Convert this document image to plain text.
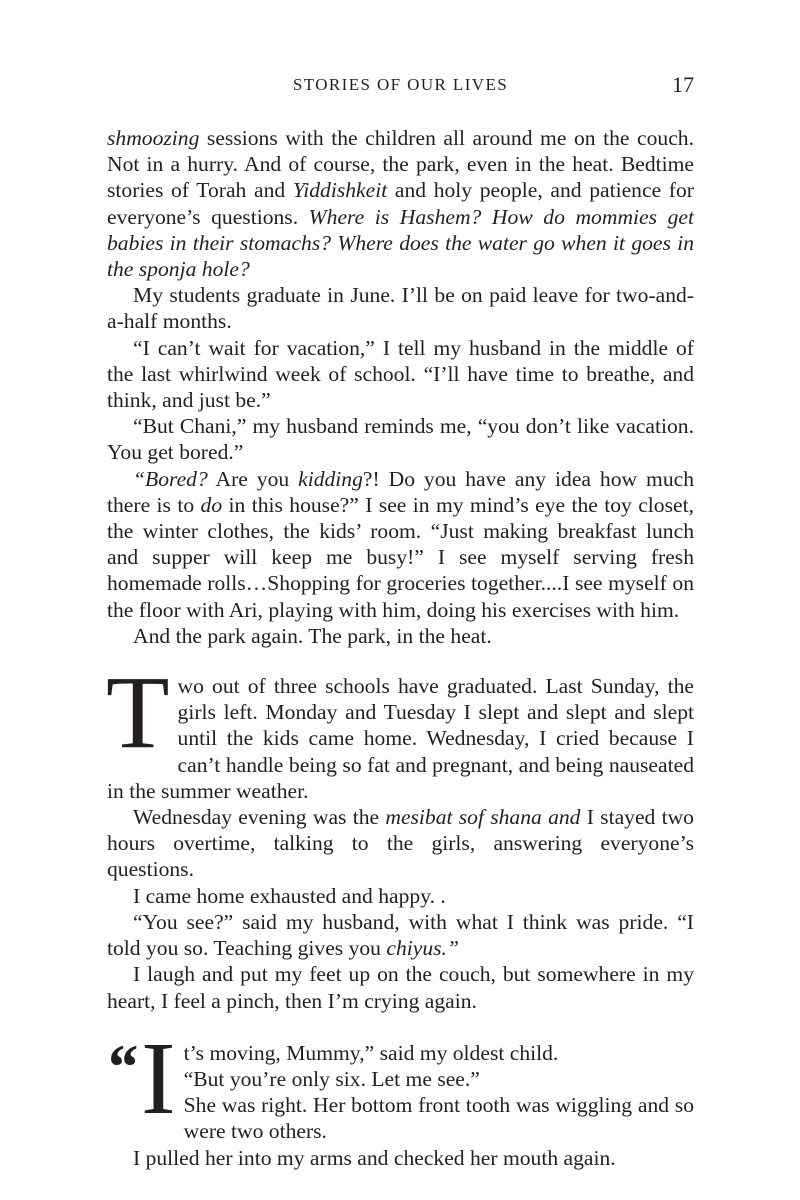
STORIES OF OUR LIVES	17

shmoozing sessions with the children all around me on the couch. Not in a hurry. And of course, the park, even in the heat. Bedtime stories of Torah and Yiddishkeit and holy people, and patience for everyone’s questions. Where is Hashem? How do mommies get babies in their stomachs? Where does the water go when it goes in the sponja hole?

My students graduate in June. I’ll be on paid leave for two-and-a-half months.

“I can’t wait for vacation,” I tell my husband in the middle of the last whirlwind week of school. “I’ll have time to breathe, and think, and just be.”

“But Chani,” my husband reminds me, “you don’t like vacation. You get bored.”

“Bored? Are you kidding?! Do you have any idea how much there is to do in this house?” I see in my mind’s eye the toy closet, the winter clothes, the kids’ room. “Just making breakfast lunch and supper will keep me busy!” I see myself serving fresh homemade rolls…Shopping for groceries together....I see myself on the floor with Ari, playing with him, doing his exercises with him.

And the park again. The park, in the heat.

Two out of three schools have graduated. Last Sunday, the girls left. Monday and Tuesday I slept and slept and slept until the kids came home. Wednesday, I cried because I can’t handle being so fat and pregnant, and being nauseated in the summer weather.

Wednesday evening was the mesibat sof shana and I stayed two hours overtime, talking to the girls, answering everyone’s questions.

I came home exhausted and happy. .

“You see?” said my husband, with what I think was pride. “I told you so. Teaching gives you chiyus.”

I laugh and put my feet up on the couch, but somewhere in my heart, I feel a pinch, then I’m crying again.

“ I t’s moving, Mummy,” said my oldest child.

“But you’re only six. Let me see.”

She was right. Her bottom front tooth was wiggling and so were two others.

I pulled her into my arms and checked her mouth again.
